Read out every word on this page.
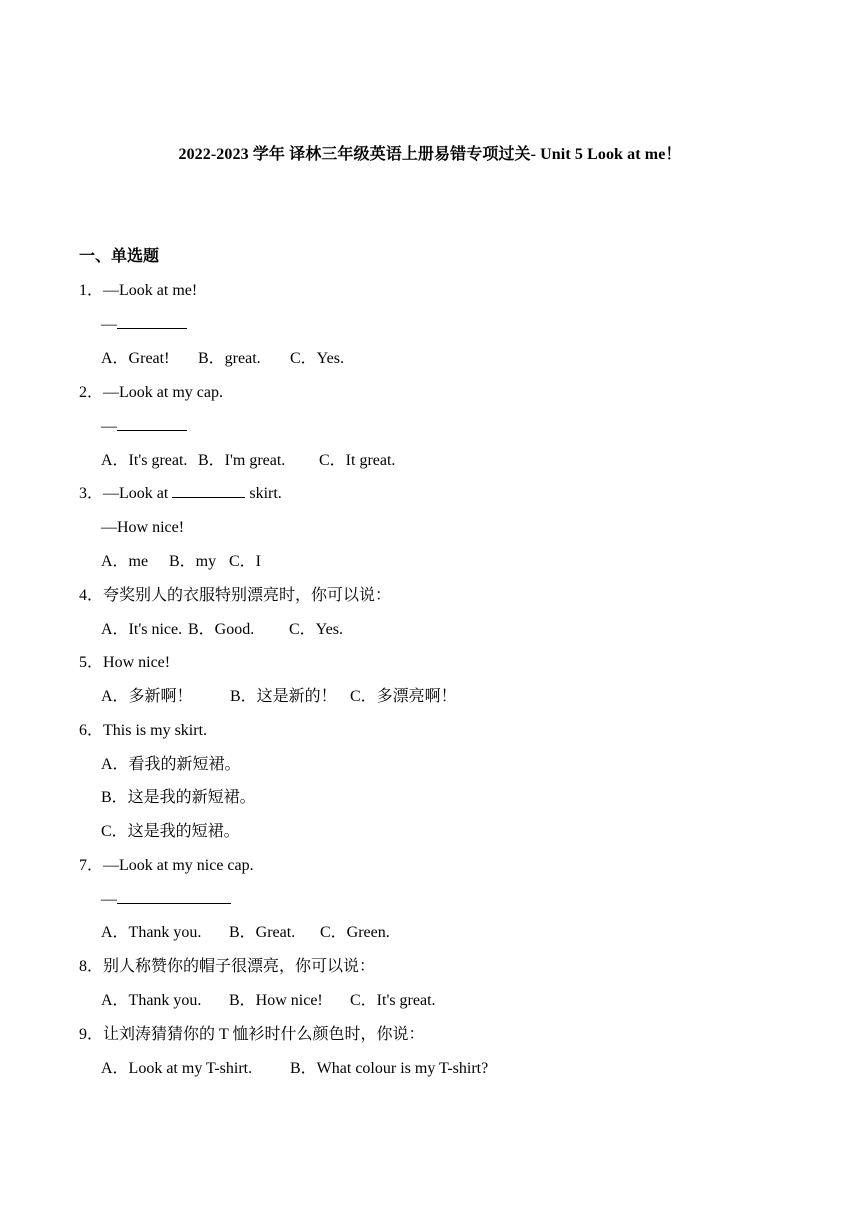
2022-2023 学年 译林三年级英语上册易错专项过关- Unit 5 Look at me！
一、单选题
1．—Look at me!
—
A．Great! B．great. C．Yes.
2．—Look at my cap.
—
A．It's great. B．I'm great. C．It great.
3．—Look at	skirt.
—How nice!
A．me B．my C．I
4．夸奖别人的衣服特别漂亮时，你可以说：
A．It's nice. B．Good. C．Yes.
5．How nice!
A．多新啊！ B．这是新的！ C．多漂亮啊！
6．This is my skirt.
A．看我的新短裙。
B．这是我的新短裙。
C．这是我的短裙。
7．—Look at my nice cap.
—
A．Thank you. B．Great. C．Green.
8．别人称赞你的帽子很漂亮，你可以说：
A．Thank you. B．How nice! C．It's great.
9．让刘涛猜猜你的 T 恤衫时什么颜色时，你说：
A．Look at my T-shirt. B．What colour is my T-shirt?
